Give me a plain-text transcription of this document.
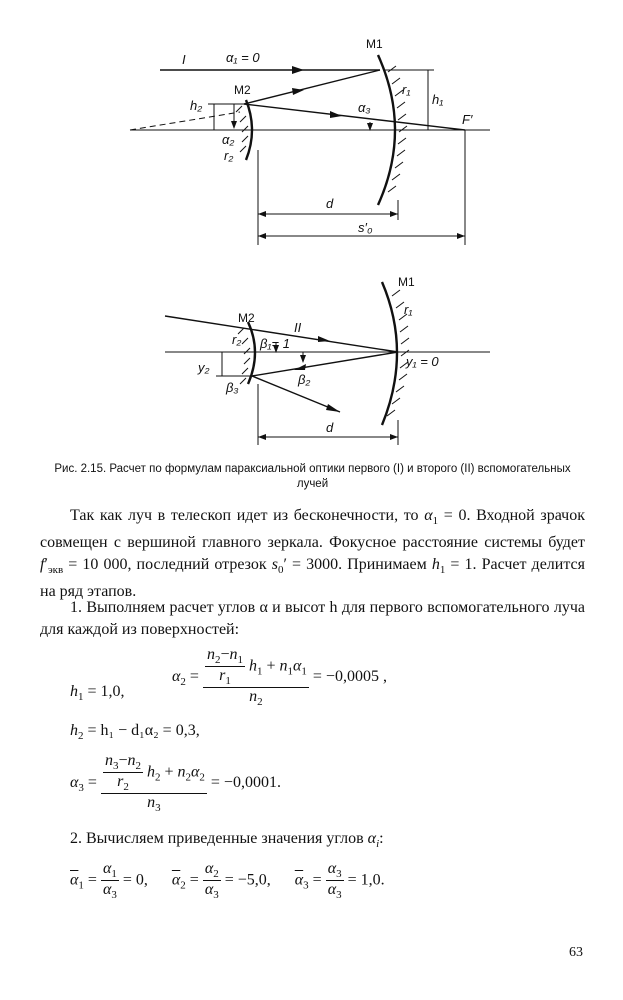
I	α₁ = 0
M1
M2	r₁
h₁
h₂
α₂
r₂
α₃
F′
d
s′₀
M1
M2
r₁
r₂
II
β₁= 1
y₂	y₁ = 0
β₂
β₃
d
Рис. 2.15. Расчет по формулам параксиальной оптики первого (I) и второго (II) вспомогательных лучей
Так как луч в телескоп идет из бесконечности, то $\alpha_1 = 0$. Входной зрачок совмещен с вершиной главного зеркала. Фокусное расстояние системы будет $f'_{экв} = 10$ 000, последний отрезок $s_0' = 3000$. Принимаем $h_1 = 1$. Расчет делится на ряд этапов.
1. Выполняем расчет углов α и высот h для первого вспомогательного луча для каждой из поверхностей:
$h_1 = 1,0$,
$\alpha_2 = \frac{\frac{n_2-n_1}{r_1} h_1 + n_1\alpha_1}{n_2} = -0,0005$ ,
$h_2 = h_1 - d_1\alpha_2 = 0,3$,
$\alpha_3 = \frac{\frac{n_3-n_2}{r_2} h_2 + n_2\alpha_2}{n_3} = -0,0001$.
2. Вычисляем приведенные значения углов $\alpha_i$:
$\overline{\alpha}_1 = \frac{\alpha_1}{\alpha_3} = 0$, $\overline{\alpha}_2 = \frac{\alpha_2}{\alpha_3} = -5,0$, $\overline{\alpha}_3 = \frac{\alpha_3}{\alpha_3} = 1,0$.
63
